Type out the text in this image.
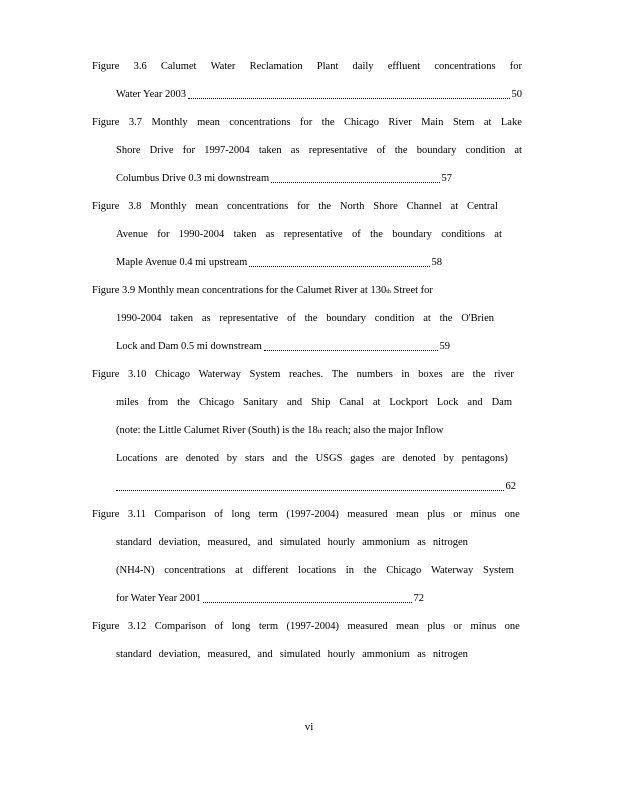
Figure 3.6 Calumet Water Reclamation Plant daily effluent concentrations for
Water Year 2003	50
Figure 3.7 Monthly mean concentrations for the Chicago River Main Stem at Lake
Shore Drive for 1997-2004 taken as representative of the boundary condition at
Columbus Drive 0.3 mi downstream	57
Figure 3.8 Monthly mean concentrations for the North Shore Channel at Central
Avenue for 1990-2004 taken as representative of the boundary conditions at
Maple Avenue 0.4 mi upstream	58
Figure 3.9 Monthly mean concentrations for the Calumet River at 130 th
Street for
1990-2004 taken as representative of the boundary condition at the O'Brien
Lock and Dam 0.5 mi downstream	59
Figure 3.10 Chicago Waterway System reaches. The numbers in boxes are the river
miles from the Chicago Sanitary and Ship Canal at Lockport Lock and Dam
(note: the Little Calumet River (South) is the 18 th
reach; also the major Inflow
Locations are denoted by stars and the USGS gages are denoted by pentagons)
62
Figure 3.11 Comparison of long term (1997-2004) measured mean plus or minus one
standard deviation, measured, and simulated hourly ammonium as nitrogen
(NH4-N) concentrations at different locations in the Chicago Waterway System
for Water Year 2001	72
Figure 3.12 Comparison of long term (1997-2004) measured mean plus or minus one
standard deviation, measured, and simulated hourly ammonium as nitrogen
vi
